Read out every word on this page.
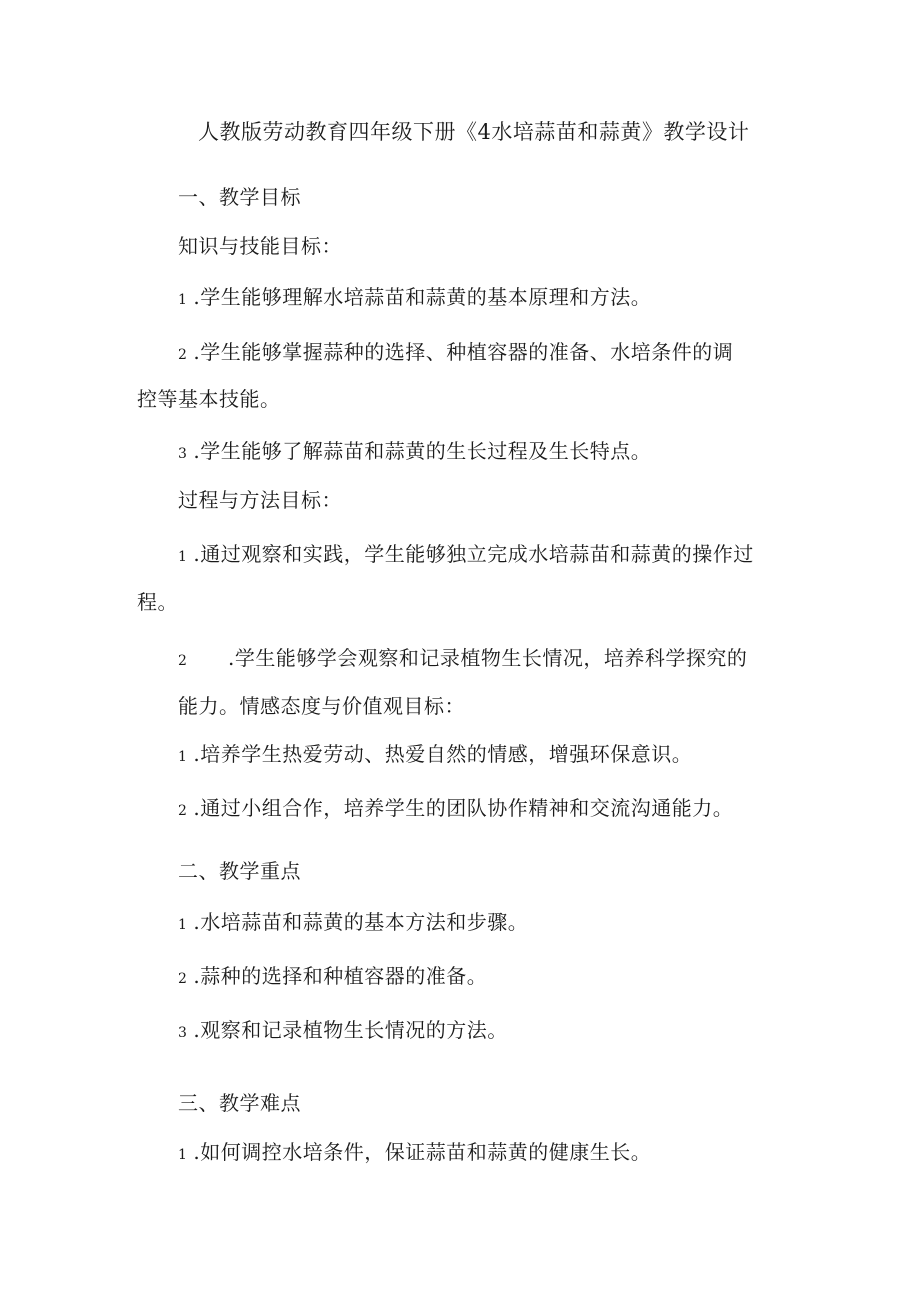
人教版劳动教育四年级下册《4水培蒜苗和蒜黄》教学设计
一、教学目标
知识与技能目标：
1 .学生能够理解水培蒜苗和蒜黄的基本原理和方法。
2 .学生能够掌握蒜种的选择、种植容器的准备、水培条件的调
控等基本技能。
3 .学生能够了解蒜苗和蒜黄的生长过程及生长特点。
过程与方法目标：
1 .通过观察和实践，学生能够独立完成水培蒜苗和蒜黄的操作过
程。
2 .学生能够学会观察和记录植物生长情况，培养科学探究的
能力。情感态度与价值观目标：
1 .培养学生热爱劳动、热爱自然的情感，增强环保意识。
2 .通过小组合作，培养学生的团队协作精神和交流沟通能力。
二、教学重点
1 .水培蒜苗和蒜黄的基本方法和步骤。
2 .蒜种的选择和种植容器的准备。
3 .观察和记录植物生长情况的方法。
三、教学难点
1 .如何调控水培条件，保证蒜苗和蒜黄的健康生长。
